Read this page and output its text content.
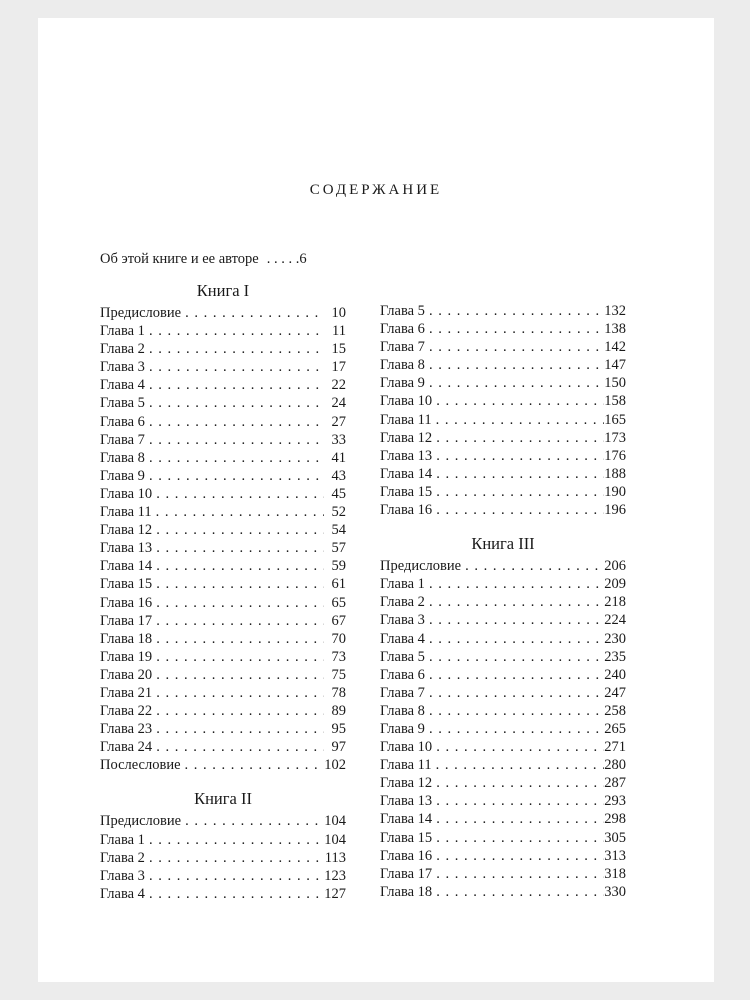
СОДЕРЖАНИЕ
Об этой книге и ее авторе . . . . . 6
Книга I
Предисловие . . .	10
Глава 1 . . .	11
Глава 2 . . .	15
Глава 3 . . .	17
Глава 4 . . .	22
Глава 5 . . .	24
Глава 6 . . .	27
Глава 7 . . .	33
Глава 8 . . .	41
Глава 9 . . .	43
Глава 10 . . .	45
Глава 11 . . .	52
Глава 12 . . .	54
Глава 13 . . .	57
Глава 14 . . .	59
Глава 15 . . .	61
Глава 16 . . .	65
Глава 17 . . .	67
Глава 18 . . .	70
Глава 19 . . .	73
Глава 20 . . .	75
Глава 21 . . .	78
Глава 22 . . .	89
Глава 23 . . .	95
Глава 24 . . .	97
Послесловие . . .	102
Книга II
Предисловие . . .	104
Глава 1 . . .	104
Глава 2 . . .	113
Глава 3 . . .	123
Глава 4 . . .	127
Глава 5 . . .	132
Глава 6 . . .	138
Глава 7 . . .	142
Глава 8 . . .	147
Глава 9 . . .	150
Глава 10 . . .	158
Глава 11 . . .	165
Глава 12 . . .	173
Глава 13 . . .	176
Глава 14 . . .	188
Глава 15 . . .	190
Глава 16 . . .	196
Книга III
Предисловие . . .	206
Глава 1 . . .	209
Глава 2 . . .	218
Глава 3 . . .	224
Глава 4 . . .	230
Глава 5 . . .	235
Глава 6 . . .	240
Глава 7 . . .	247
Глава 8 . . .	258
Глава 9 . . .	265
Глава 10 . . .	271
Глава 11 . . .	280
Глава 12 . . .	287
Глава 13 . . .	293
Глава 14 . . .	298
Глава 15 . . .	305
Глава 16 . . .	313
Глава 17 . . .	318
Глава 18 . . .	330
